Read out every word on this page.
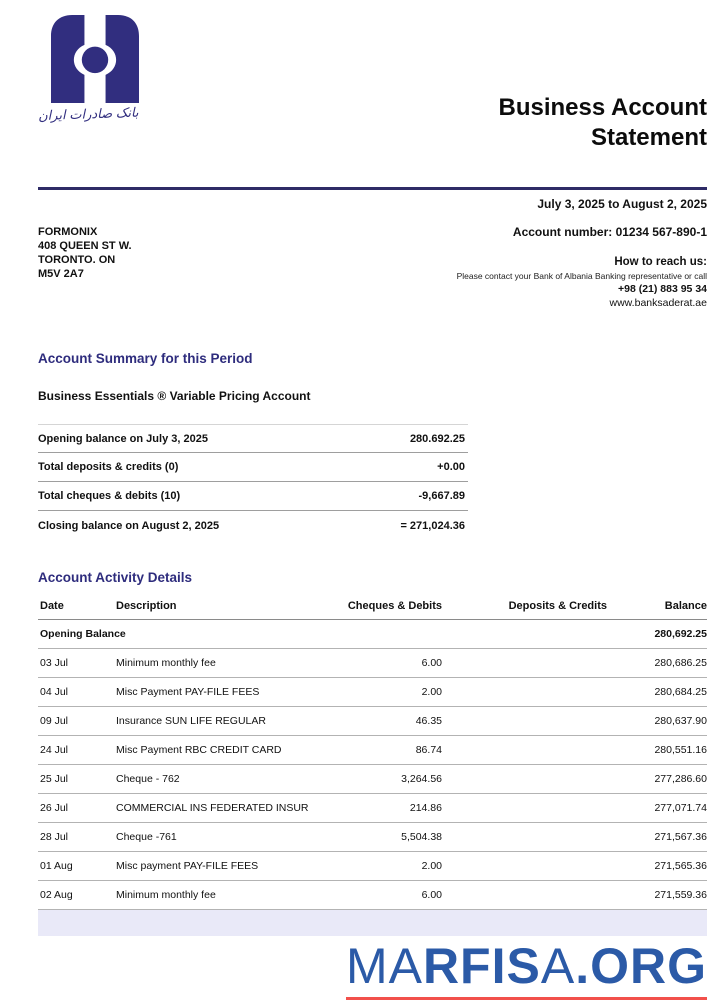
بانک صادرات ایران	Business Account
Statement
July 3, 2025 to August 2, 2025
FORMONIX
408 QUEEN ST W.
TORONTO. ON
M5V 2A7
Account number: 01234 567-890-1
How to reach us:
Please contact your Bank of Albania Banking representative or call
+98 (21) 883 95 34
www.banksaderat.ae
Account Summary for this Period
Business Essentials ® Variable Pricing Account
Opening balance on July 3, 2025	280.692.25
Total deposits & credits (0)	+0.00
Total cheques & debits (10)	-9,667.89
Closing balance on August 2, 2025	= 271,024.36
Account Activity Details
Date	Description	Cheques & Debits	Deposits & Credits	Balance
Opening Balance				280,692.25
03 Jul	Minimum monthly fee	6.00		280,686.25
04 Jul	Misc Payment PAY-FILE FEES	2.00		280,684.25
09 Jul	Insurance SUN LIFE REGULAR	46.35		280,637.90
24 Jul	Misc Payment RBC CREDIT CARD	86.74		280,551.16
25 Jul	Cheque - 762	3,264.56		277,286.60
26 Jul	COMMERCIAL INS FEDERATED INSUR	214.86		277,071.74
28 Jul	Cheque -761	5,504.38		271,567.36
01 Aug	Misc payment PAY-FILE FEES	2.00		271,565.36
02 Aug	Minimum monthly fee	6.00		271,559.36
MARFISA.ORG
